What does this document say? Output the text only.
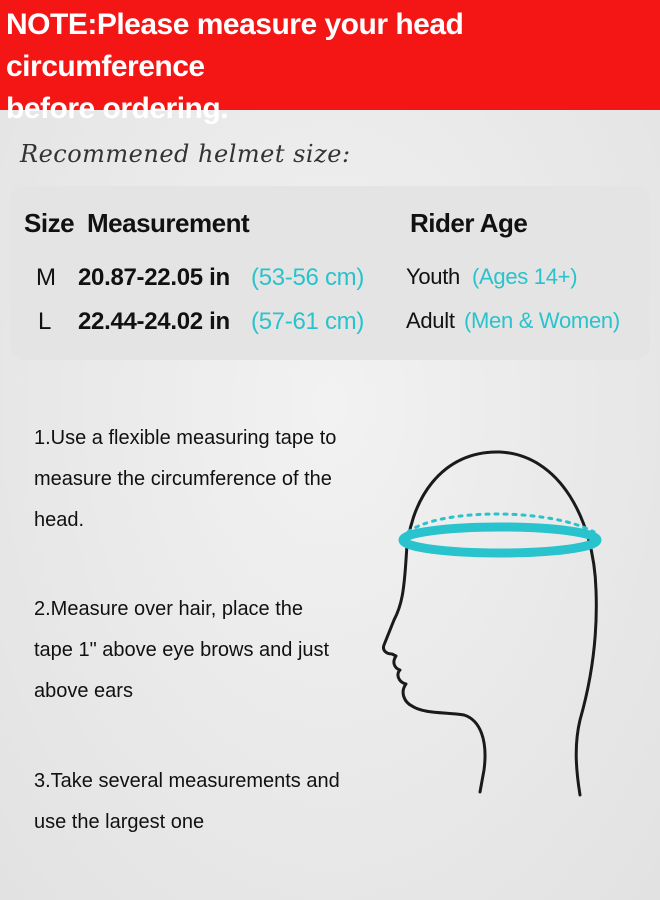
NOTE:Please measure your head circumference
before ordering.
Recommened helmet size:
Size Measurement	Rider Age
M 20.87-22.05 in (53-56 cm) Youth (Ages 14+)
L 22.44-24.02 in (57-61 cm) Adult (Men & Women)
1.Use a flexible measuring tape to
measure the circumference of the
head.
2.Measure over hair, place the
tape 1" above eye brows and just
above ears
3.Take several measurements and
use the largest one
